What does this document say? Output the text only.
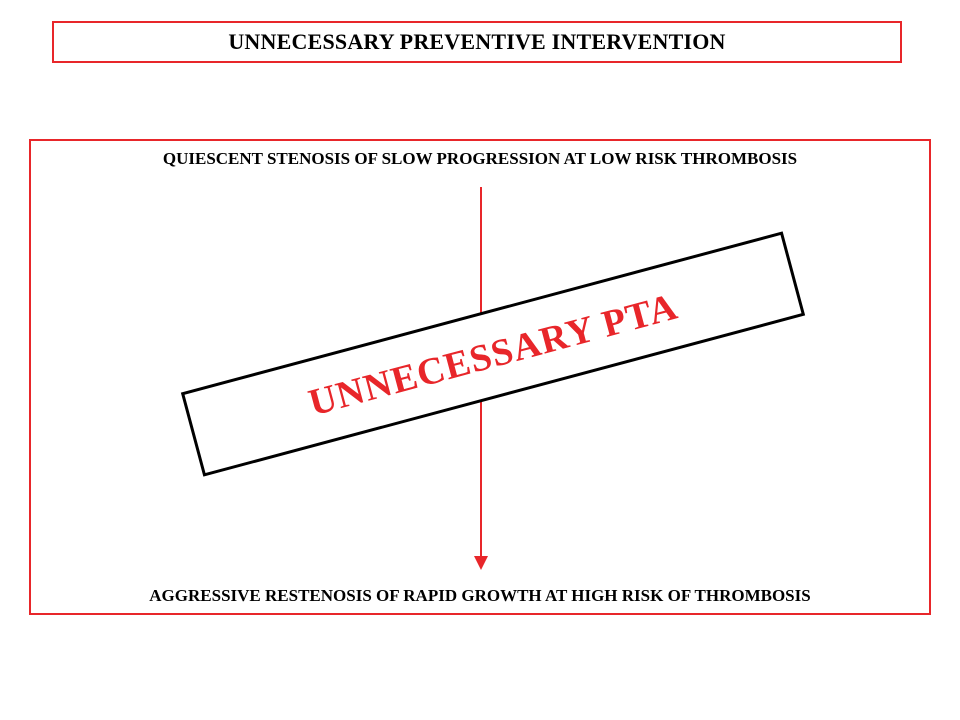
UNNECESSARY PREVENTIVE INTERVENTION
QUIESCENT STENOSIS OF SLOW PROGRESSION AT LOW RISK THROMBOSIS
UNNECESSARY PTA
AGGRESSIVE RESTENOSIS OF RAPID GROWTH AT HIGH RISK OF THROMBOSIS
